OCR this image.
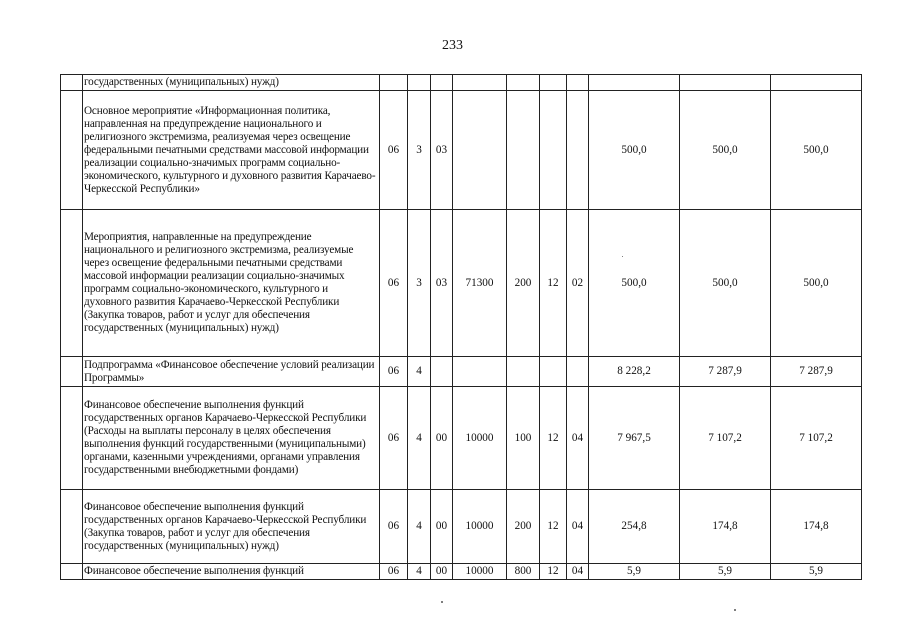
233
	государственных (муниципальных) нужд)										
	Основное мероприятие «Информационная политика, направленная на предупреждение национального и религиозного экстремизма, реализуемая через освещение федеральными печатными средствами массовой информации реализации социально-значимых программ социально-экономического, культурного и духовного развития Карачаево-Черкесской Республики»	06	3	03					500,0	500,0	500,0
	Мероприятия, направленные на предупреждение национального и религиозного экстремизма, реализуемые через освещение федеральными печатными средствами массовой информации реализации социально-значимых программ социально-экономического, культурного и духовного развития Карачаево-Черкесской Республики (Закупка товаров, работ и услуг для обеспечения государственных (муниципальных) нужд)	06	3	03	71300	200	12	02	500,0	500,0	500,0
	Подпрограмма «Финансовое обеспечение условий реализации Программы»	06	4						8 228,2	7 287,9	7 287,9
	Финансовое обеспечение выполнения функций государственных органов Карачаево-Черкесской Республики (Расходы на выплаты персоналу в целях обеспечения выполнения функций государственными (муниципальными) органами, казенными учреждениями, органами управления государственными внебюджетными фондами)	06	4	00	10000	100	12	04	7 967,5	7 107,2	7 107,2
	Финансовое обеспечение выполнения функций государственных органов Карачаево-Черкесской Республики (Закупка товаров, работ и услуг для обеспечения государственных (муниципальных) нужд)	06	4	00	10000	200	12	04	254,8	174,8	174,8
	Финансовое обеспечение выполнения функций	06	4	00	10000	800	12	04	5,9	5,9	5,9
